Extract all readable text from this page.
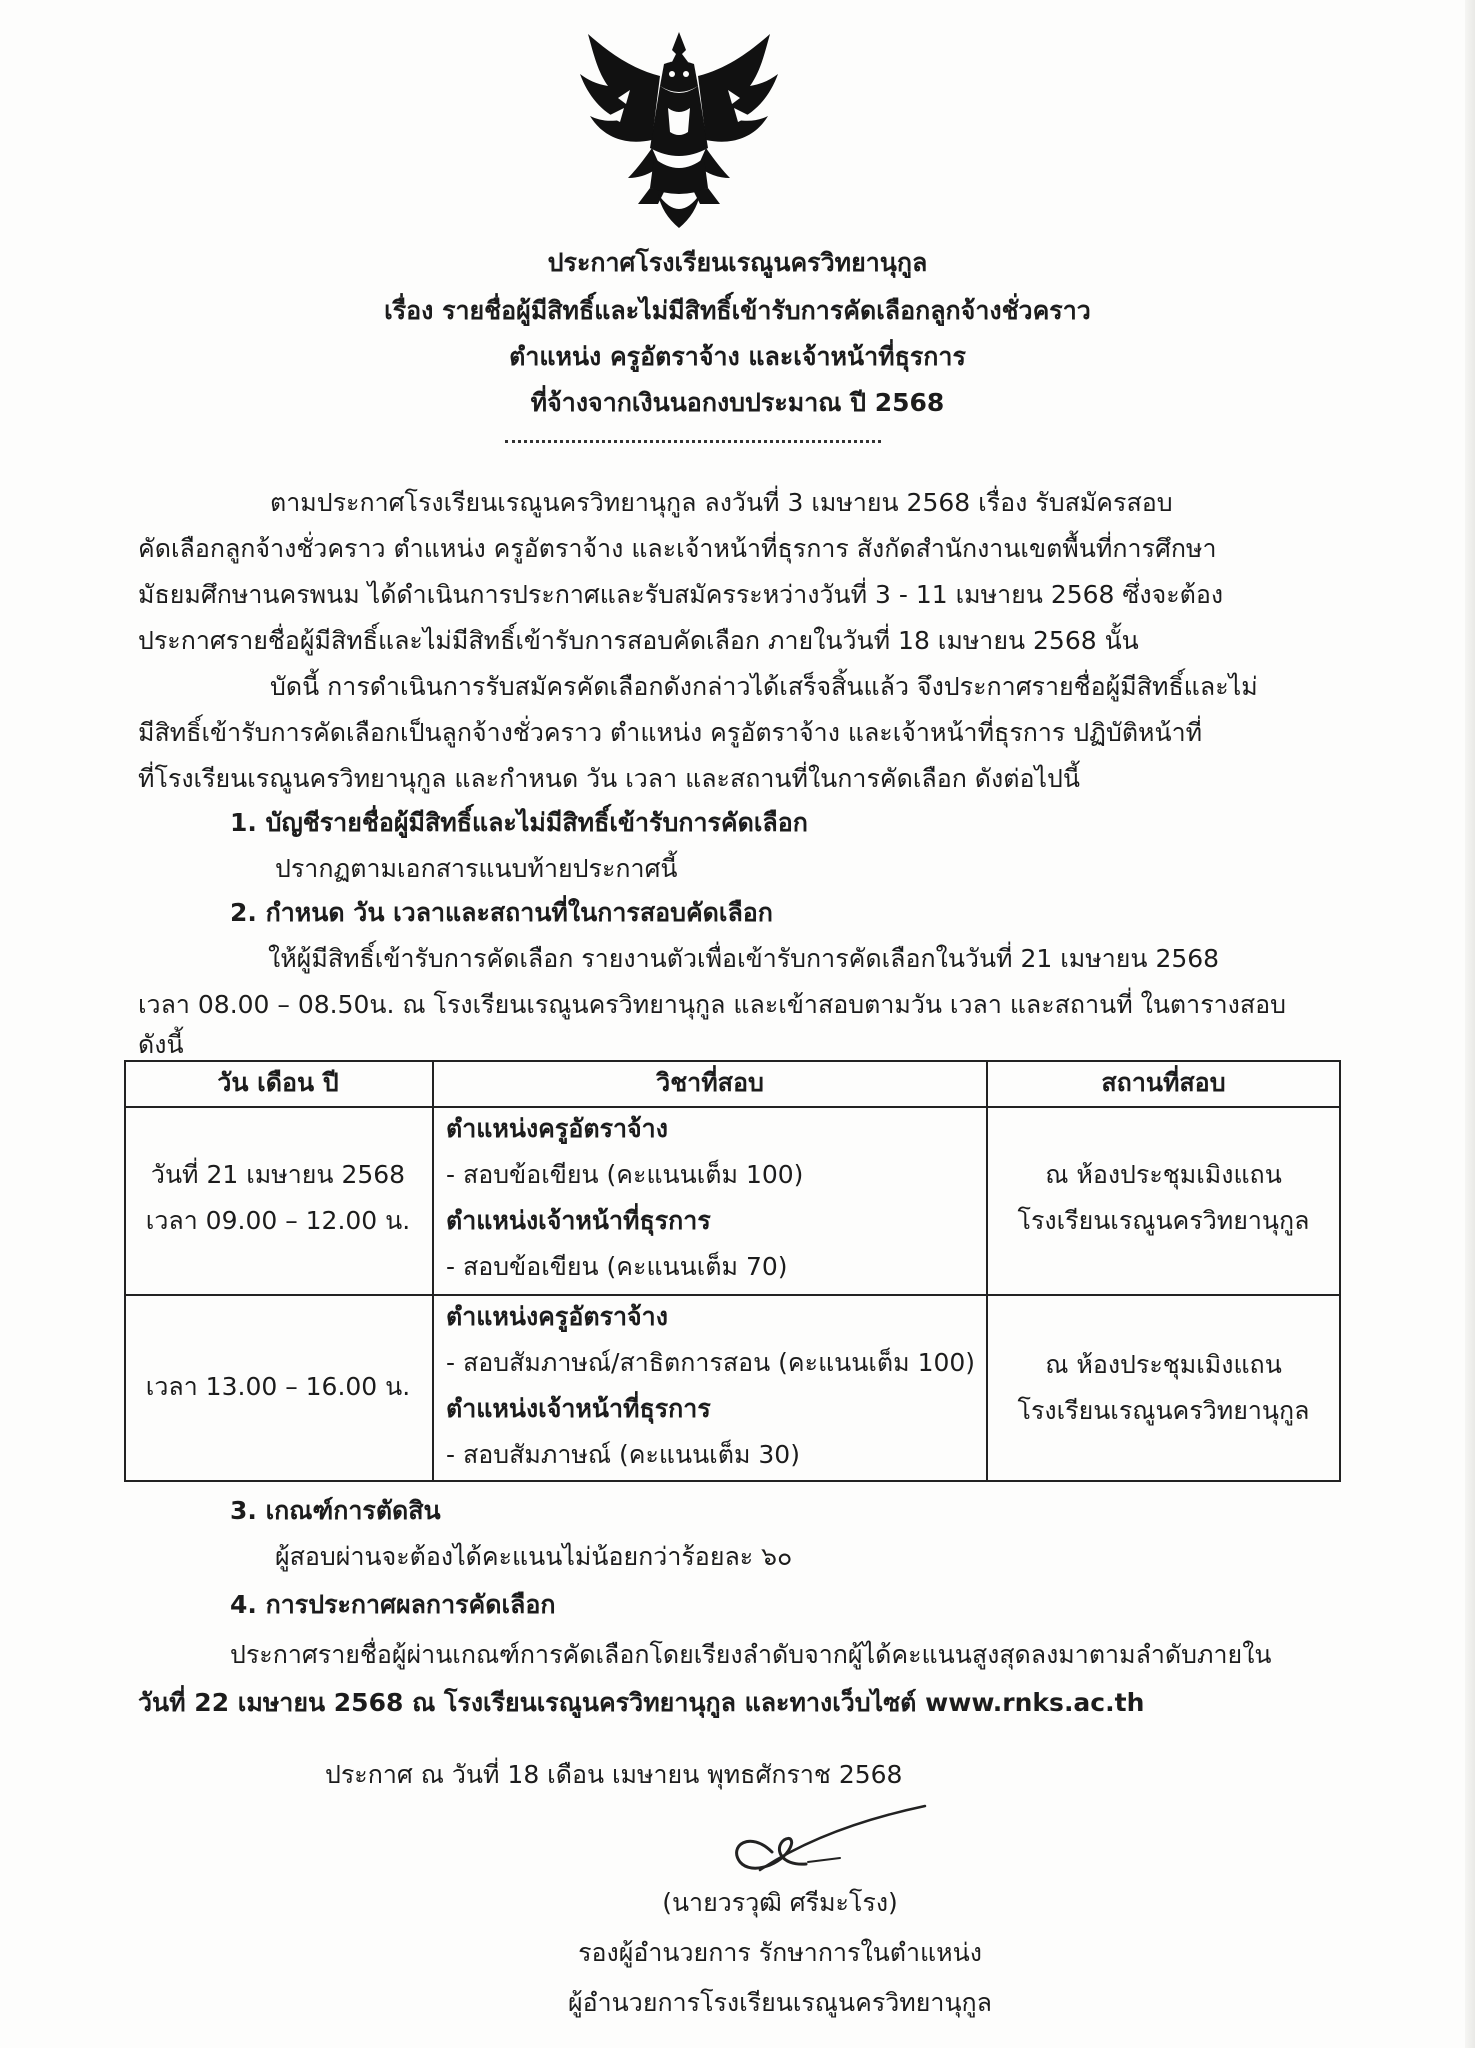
ประกาศโรงเรียนเรณูนครวิทยานุกูล
เรื่อง รายชื่อผู้มีสิทธิ์และไม่มีสิทธิ์เข้ารับการคัดเลือกลูกจ้างชั่วคราว
ตำแหน่ง ครูอัตราจ้าง และเจ้าหน้าที่ธุรการ
ที่จ้างจากเงินนอกงบประมาณ ปี 2568
ตามประกาศโรงเรียนเรณูนครวิทยานุกูล ลงวันที่ 3 เมษายน 2568 เรื่อง รับสมัครสอบ
คัดเลือกลูกจ้างชั่วคราว ตำแหน่ง ครูอัตราจ้าง และเจ้าหน้าที่ธุรการ สังกัดสำนักงานเขตพื้นที่การศึกษา
มัธยมศึกษานครพนม ได้ดำเนินการประกาศและรับสมัครระหว่างวันที่ 3 - 11 เมษายน 2568 ซึ่งจะต้อง
ประกาศรายชื่อผู้มีสิทธิ์และไม่มีสิทธิ์เข้ารับการสอบคัดเลือก ภายในวันที่ 18 เมษายน 2568 นั้น
บัดนี้ การดำเนินการรับสมัครคัดเลือกดังกล่าวได้เสร็จสิ้นแล้ว จึงประกาศรายชื่อผู้มีสิทธิ์และไม่
มีสิทธิ์เข้ารับการคัดเลือกเป็นลูกจ้างชั่วคราว ตำแหน่ง ครูอัตราจ้าง และเจ้าหน้าที่ธุรการ ปฏิบัติหน้าที่
ที่โรงเรียนเรณูนครวิทยานุกูล และกำหนด วัน เวลา และสถานที่ในการคัดเลือก ดังต่อไปนี้
1. บัญชีรายชื่อผู้มีสิทธิ์และไม่มีสิทธิ์เข้ารับการคัดเลือก
ปรากฏตามเอกสารแนบท้ายประกาศนี้
2. กำหนด วัน เวลาและสถานที่ในการสอบคัดเลือก
ให้ผู้มีสิทธิ์เข้ารับการคัดเลือก รายงานตัวเพื่อเข้ารับการคัดเลือกในวันที่ 21 เมษายน 2568
เวลา 08.00 – 08.50น. ณ โรงเรียนเรณูนครวิทยานุกูล และเข้าสอบตามวัน เวลา และสถานที่ ในตารางสอบ
ดังนี้
วัน เดือน ปี	วิชาที่สอบ	สถานที่สอบ
วันที่ 21 เมษายน 2568
เวลา 09.00 – 12.00 น.
ตำแหน่งครูอัตราจ้าง
- สอบข้อเขียน (คะแนนเต็ม 100)
ตำแหน่งเจ้าหน้าที่ธุรการ
- สอบข้อเขียน (คะแนนเต็ม 70)
ณ ห้องประชุมเมิงแถน
โรงเรียนเรณูนครวิทยานุกูล
เวลา 13.00 – 16.00 น.
ตำแหน่งครูอัตราจ้าง
- สอบสัมภาษณ์/สาธิตการสอน (คะแนนเต็ม 100)
ตำแหน่งเจ้าหน้าที่ธุรการ
- สอบสัมภาษณ์ (คะแนนเต็ม 30)
ณ ห้องประชุมเมิงแถน
โรงเรียนเรณูนครวิทยานุกูล
3. เกณฑ์การตัดสิน
ผู้สอบผ่านจะต้องได้คะแนนไม่น้อยกว่าร้อยละ ๖๐
4. การประกาศผลการคัดเลือก
ประกาศรายชื่อผู้ผ่านเกณฑ์การคัดเลือกโดยเรียงลำดับจากผู้ได้คะแนนสูงสุดลงมาตามลำดับภายใน
วันที่ 22 เมษายน 2568 ณ โรงเรียนเรณูนครวิทยานุกูล และทางเว็บไซต์ www.rnks.ac.th
ประกาศ ณ วันที่ 18 เดือน เมษายน พุทธศักราช 2568
(นายวรวุฒิ ศรีมะโรง)
รองผู้อำนวยการ รักษาการในตำแหน่ง
ผู้อำนวยการโรงเรียนเรณูนครวิทยานุกูล
